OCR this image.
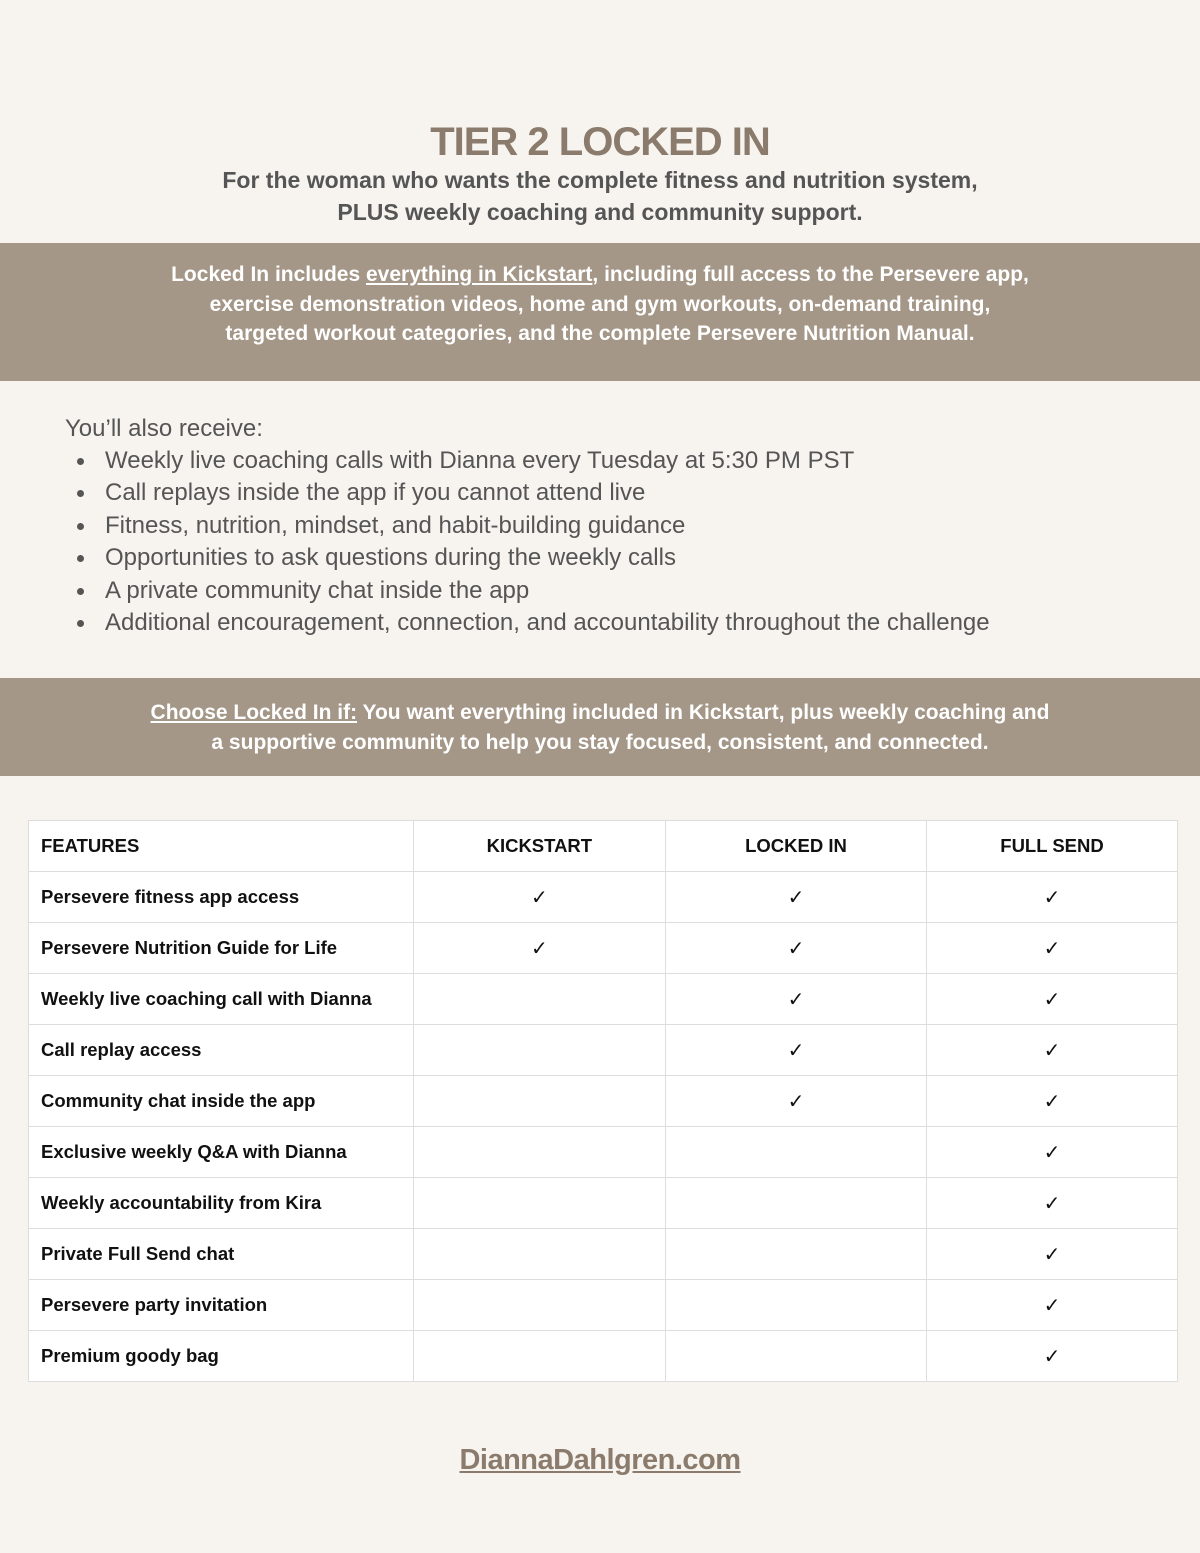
TIER 2 LOCKED IN
For the woman who wants the complete fitness and nutrition system,
PLUS weekly coaching and community support.
Locked In includes everything in Kickstart, including full access to the Persevere app,
exercise demonstration videos, home and gym workouts, on-demand training,
targeted workout categories, and the complete Persevere Nutrition Manual.
You’ll also receive:
Weekly live coaching calls with Dianna every Tuesday at 5:30 PM PST
Call replays inside the app if you cannot attend live
Fitness, nutrition, mindset, and habit-building guidance
Opportunities to ask questions during the weekly calls
A private community chat inside the app
Additional encouragement, connection, and accountability throughout the challenge
Choose Locked In if: You want everything included in Kickstart, plus weekly coaching and
a supportive community to help you stay focused, consistent, and connected.
FEATURES	KICKSTART	LOCKED IN	FULL SEND
Persevere fitness app access	✓	✓	✓
Persevere Nutrition Guide for Life	✓	✓	✓
Weekly live coaching call with Dianna		✓	✓
Call replay access		✓	✓
Community chat inside the app		✓	✓
Exclusive weekly Q&A with Dianna			✓
Weekly accountability from Kira			✓
Private Full Send chat			✓
Persevere party invitation			✓
Premium goody bag			✓
DiannaDahlgren.com
